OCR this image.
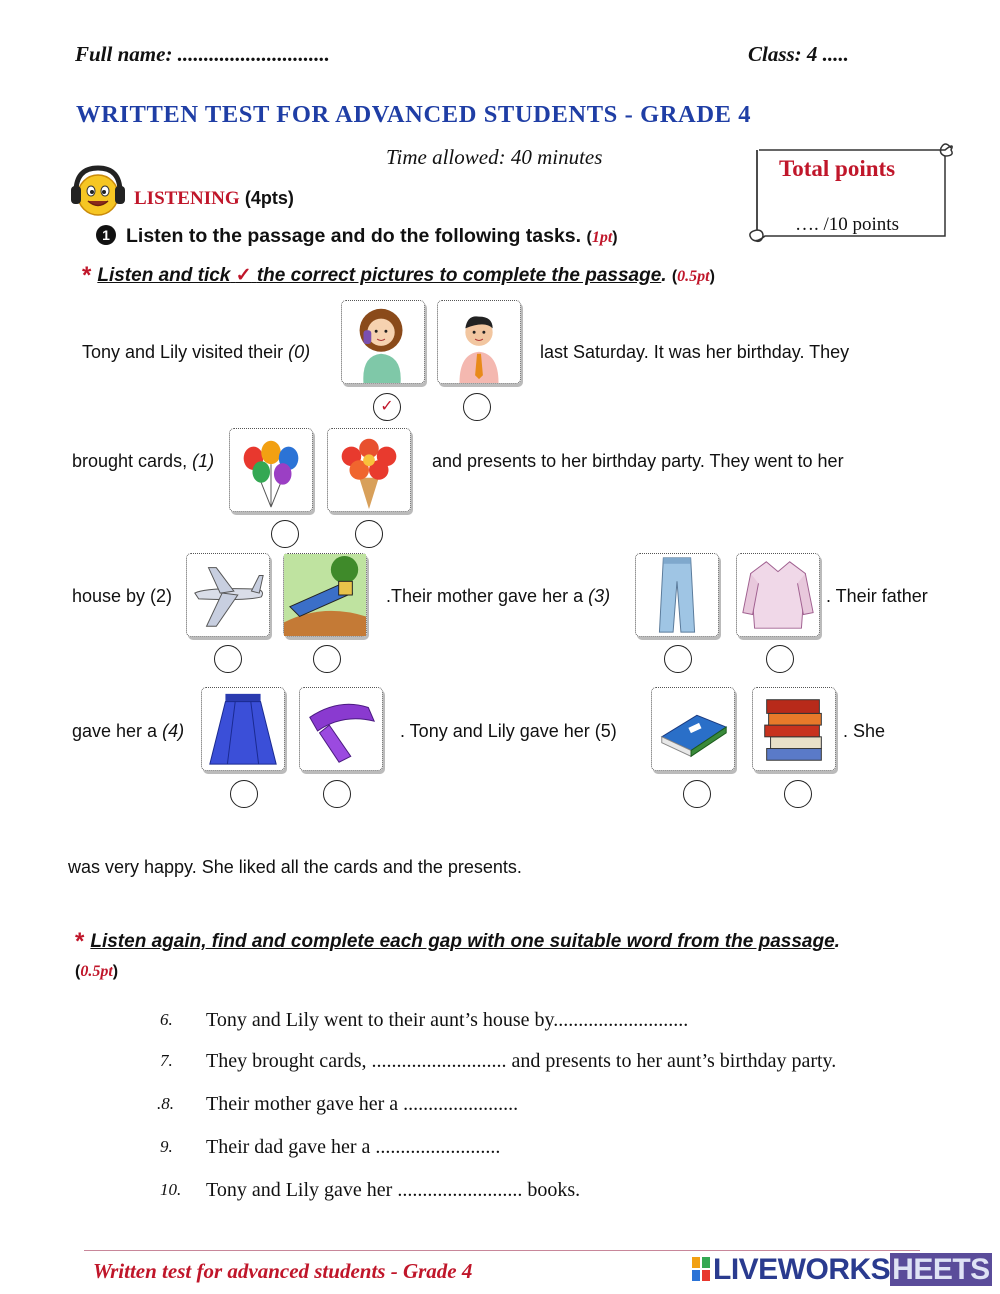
Full name: .............................	Class: 4 .....
WRITTEN TEST FOR ADVANCED STUDENTS - GRADE 4
Time allowed: 40 minutes	Total points
…. /10 points
LISTENING (4pts)
1 Listen to the passage and do the following tasks. (1pt)
* Listen and tick ✓ the correct pictures to complete the passage. (0.5pt)
Tony and Lily visited their (0)	last Saturday. It was her birthday. They
✓
brought cards, (1)	and presents to her birthday party. They went to her
house by (2)	.Their mother gave her a (3)	. Their father
gave her a (4)	. Tony and Lily gave her (5)	. She
was very happy. She liked all the cards and the presents.
* Listen again, find and complete each gap with one suitable word from the passage.
(0.5pt)
6. Tony and Lily went to their aunt’s house by...........................
7. They brought cards, ........................... and presents to her aunt’s birthday party.
.8. Their mother gave her a .......................
9. Their dad gave her a .........................
10. Tony and Lily gave her ......................... books.
Written test for advanced students - Grade 4	LIVEWORKSHEETS
